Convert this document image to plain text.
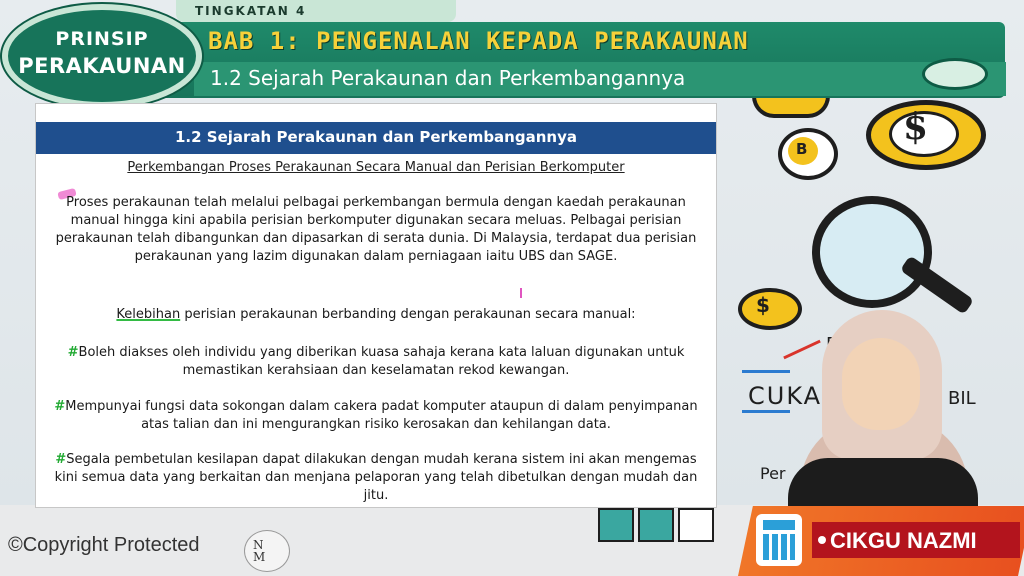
$
B
$
CUKA	BIL
Per
TINGKATAN 4
PRINSIP
PERAKAUNAN
BAB 1: PENGENALAN KEPADA PERAKAUNAN
1.2 Sejarah Perakaunan dan Perkembangannya
1.2 Sejarah Perakaunan dan Perkembangannya
Perkembangan Proses Perakaunan Secara Manual dan Perisian Berkomputer
Proses perakaunan telah melalui pelbagai perkembangan bermula dengan kaedah perakaunan manual hingga kini apabila perisian berkomputer digunakan secara meluas. Pelbagai perisian perakaunan telah dibangunkan dan dipasarkan di serata dunia. Di Malaysia, terdapat dua perisian perakaunan yang lazim digunakan dalam perniagaan iaitu UBS dan SAGE.
Kelebihan perisian perakaunan berbanding dengan perakaunan secara manual:
#Boleh diakses oleh individu yang diberikan kuasa sahaja kerana kata laluan digunakan untuk memastikan kerahsiaan dan keselamatan rekod kewangan.
#Mempunyai fungsi data sokongan dalam cakera padat komputer ataupun di dalam penyimpanan atas talian dan ini mengurangkan risiko kerosakan dan kehilangan data.
#Segala pembetulan kesilapan dapat dilakukan dengan mudah kerana sistem ini akan mengemas kini semua data yang berkaitan dan menjana pelaporan yang telah dibetulkan dengan mudah dan jitu.
©Copyright Protected	N
M
CIKGU NAZMI
